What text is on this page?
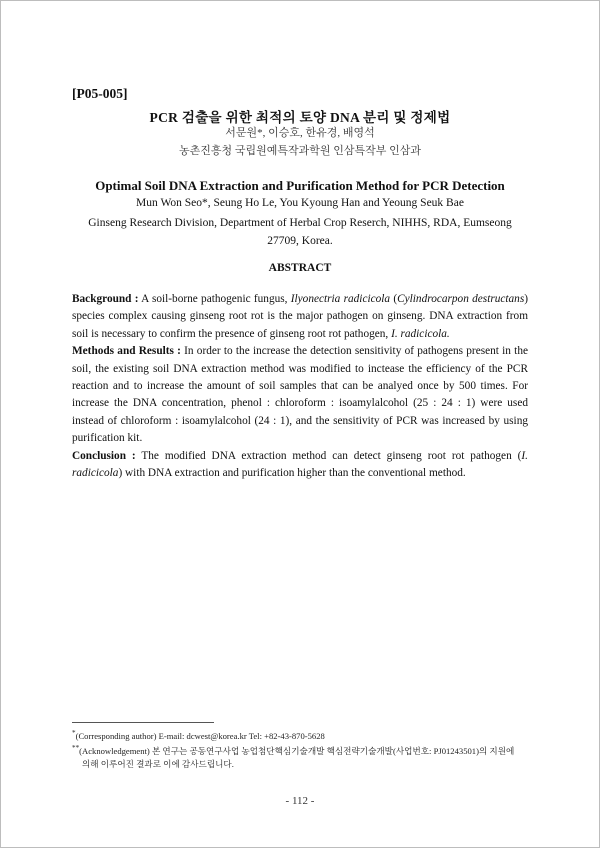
[P05-005]
PCR 검출을 위한 최적의 토양 DNA 분리 및 정제법
서문원*, 이승호, 한유경, 배영석
농촌진흥청 국립원예특작과학원 인삼특작부 인삼과
Optimal Soil DNA Extraction and Purification Method for PCR Detection
Mun Won Seo*, Seung Ho Le, You Kyoung Han and Yeoung Seuk Bae
Ginseng Research Division, Department of Herbal Crop Reserch, NIHHS, RDA, Eumseong 27709, Korea.
ABSTRACT

Background : A soil-borne pathogenic fungus, Ilyonectria radicicola (Cylindrocarpon destructans) species complex causing ginseng root rot is the major pathogen on ginseng. DNA extraction from soil is necessary to confirm the presence of ginseng root rot pathogen, I. radicicola.

Methods and Results : In order to the increase the detection sensitivity of pathogens present in the soil, the existing soil DNA extraction method was modified to inctease the efficiency of the PCR reaction and to increase the amount of soil samples that can be analyed once by 500 times. For increase the DNA concentration, phenol : chloroform : isoamylalcohol (25 : 24 : 1) were used instead of chloroform : isoamylalcohol (24 : 1), and the sensitivity of PCR was increased by using purification kit.

Conclusion : The modified DNA extraction method can detect ginseng root rot pathogen (I. radicicola) with DNA extraction and purification higher than the conventional method.

*(Corresponding author) E-mail: dcwest@korea.kr Tel: +82-43-870-5628

**(Acknowledgement) 본 연구는 공동연구사업 농업첨단핵심기술개발 핵심전략기술개발(사업번호: PJ01243501)의 지원에

의해 이루어진 결과로 이에 감사드립니다.

- 112 -
